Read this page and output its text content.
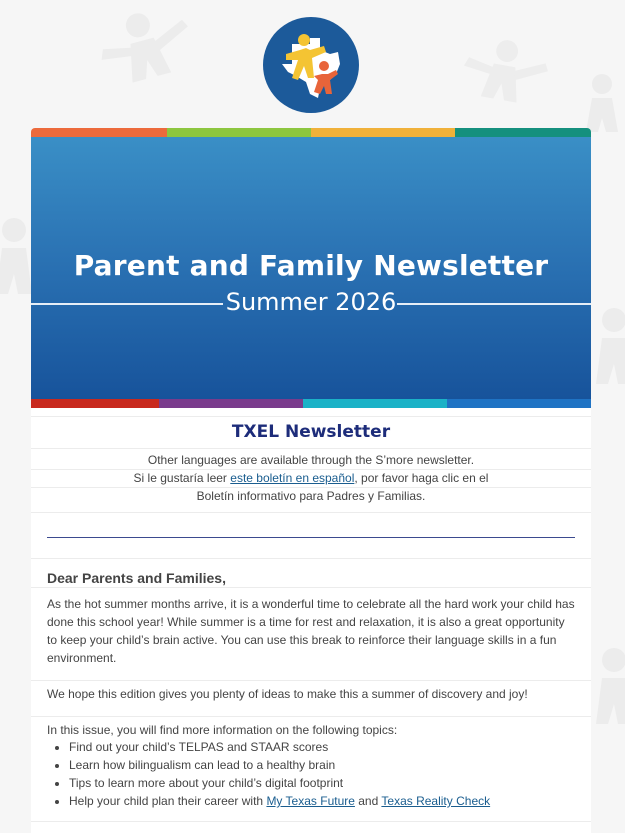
Parent and Family Newsletter
Summer 2026
TXEL Newsletter
Other languages are available through the S’more newsletter.
Si le gustaría leer este boletín en español, por favor haga clic en el
Boletín informativo para Padres y Familias.
Dear Parents and Families,
As the hot summer months arrive, it is a wonderful time to celebrate all the hard work your child has done this school year! While summer is a time for rest and relaxation, it is also a great opportunity to keep your child’s brain active. You can use this break to reinforce their language skills in a fun environment.
We hope this edition gives you plenty of ideas to make this a summer of discovery and joy!
In this issue, you will find more information on the following topics:
• Find out your child’s TELPAS and STAAR scores
• Learn how bilingualism can lead to a healthy brain
• Tips to learn more about your child’s digital footprint
• Help your child plan their career with My Texas Future and Texas Reality Check
